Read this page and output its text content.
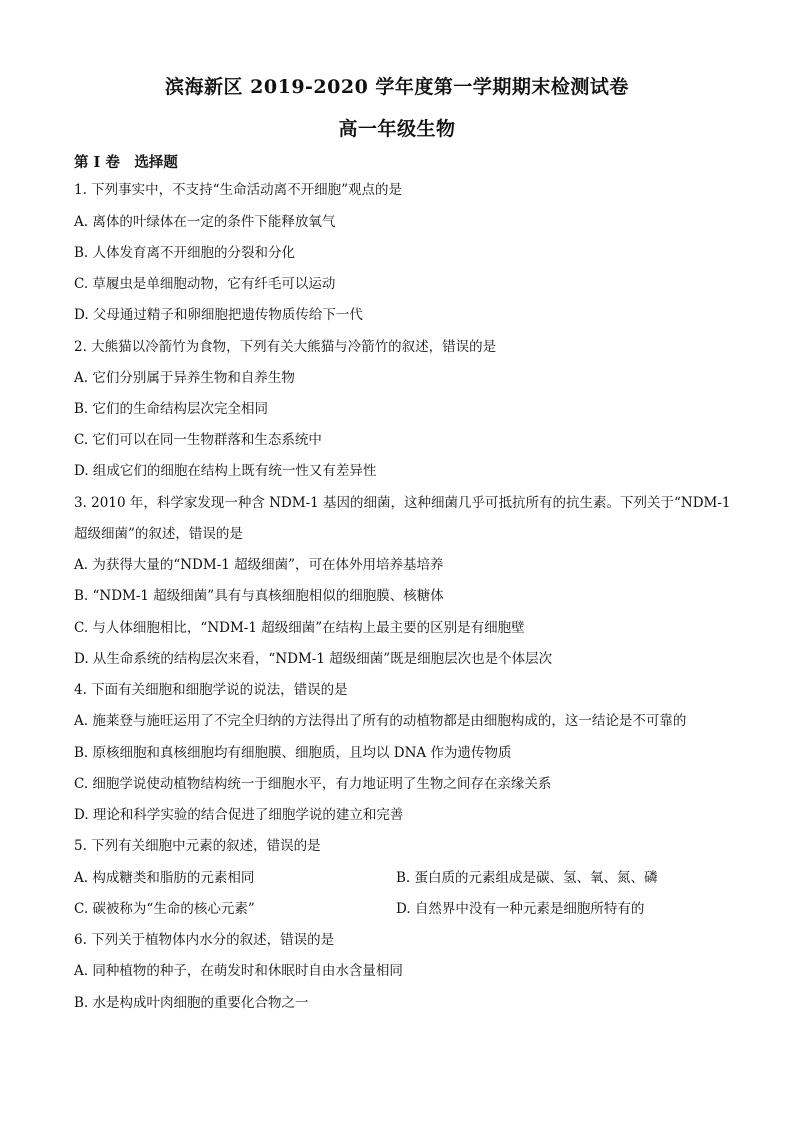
滨海新区 2019-2020 学年度第一学期期末检测试卷
高一年级生物
第 I 卷　选择题
1. 下列事实中，不支持“生命活动离不开细胞”观点的是
A. 离体的叶绿体在一定的条件下能释放氧气
B. 人体发育离不开细胞的分裂和分化
C. 草履虫是单细胞动物，它有纤毛可以运动
D. 父母通过精子和卵细胞把遗传物质传给下一代
2. 大熊猫以冷箭竹为食物，下列有关大熊猫与冷箭竹的叙述，错误的是
A. 它们分别属于异养生物和自养生物
B. 它们的生命结构层次完全相同
C. 它们可以在同一生物群落和生态系统中
D. 组成它们的细胞在结构上既有统一性又有差异性
3. 2010 年，科学家发现一种含 NDM-1 基因的细菌，这种细菌几乎可抵抗所有的抗生素。下列关于“NDM-1
超级细菌”的叙述，错误的是
A. 为获得大量的“NDM-1 超级细菌”，可在体外用培养基培养
B. “NDM-1 超级细菌”具有与真核细胞相似的细胞膜、核糖体
C. 与人体细胞相比，“NDM-1 超级细菌”在结构上最主要的区别是有细胞壁
D. 从生命系统的结构层次来看，“NDM-1 超级细菌”既是细胞层次也是个体层次
4. 下面有关细胞和细胞学说的说法，错误的是
A. 施莱登与施旺运用了不完全归纳的方法得出了所有的动植物都是由细胞构成的，这一结论是不可靠的
B. 原核细胞和真核细胞均有细胞膜、细胞质，且均以 DNA 作为遗传物质
C. 细胞学说使动植物结构统一于细胞水平，有力地证明了生物之间存在亲缘关系
D. 理论和科学实验的结合促进了细胞学说的建立和完善
5. 下列有关细胞中元素的叙述，错误的是
A. 构成糖类和脂肪的元素相同	B. 蛋白质的元素组成是碳、氢、氧、氮、磷
C. 碳被称为“生命的核心元素”	D. 自然界中没有一种元素是细胞所特有的
6. 下列关于植物体内水分的叙述，错误的是
A. 同种植物的种子，在萌发时和休眠时自由水含量相同
B. 水是构成叶肉细胞的重要化合物之一
